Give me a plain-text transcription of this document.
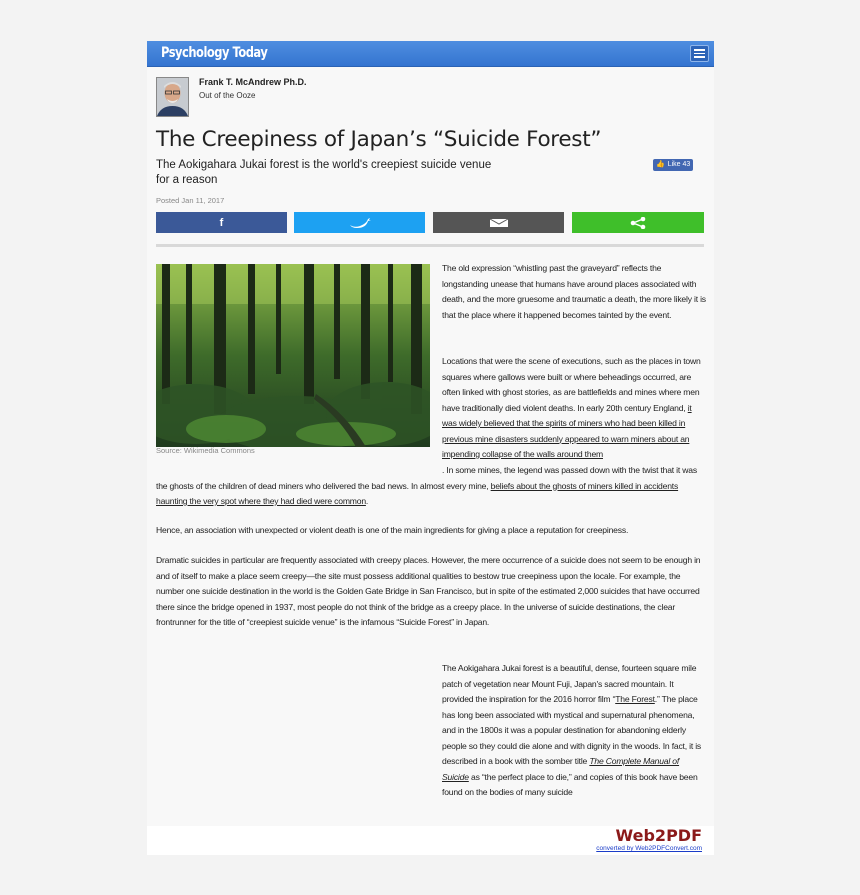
Psychology Today
Frank T. McAndrew Ph.D.
Out of the Ooze
The Creepiness of Japan’s “Suicide Forest”
The Aokigahara Jukai forest is the world's creepiest suicide venue for a reason
👍 Like 43
Posted Jan 11, 2017
f
Source: Wikimedia Commons
The old expression “whistling past the graveyard” reflects the longstanding unease that humans have around places associated with death, and the more gruesome and traumatic a death, the more likely it is that the place where it happened becomes tainted by the event.
Locations that were the scene of executions, such as the places in town squares where gallows were built or where beheadings occurred, are often linked with ghost stories, as are battlefields and mines where men have traditionally died violent deaths. In early 20th century England, it was widely believed that the spirits of miners who had been killed in previous mine disasters suddenly appeared to warn miners about an impending collapse of the walls around them
. In some mines, the legend was passed down with the twist that it was the ghosts of the children of dead miners who delivered the bad news. In almost every mine, beliefs about the ghosts of miners killed in accidents haunting the very spot where they had died were common.
Hence, an association with unexpected or violent death is one of the main ingredients for giving a place a reputation for creepiness.
Dramatic suicides in particular are frequently associated with creepy places. However, the mere occurrence of a suicide does not seem to be enough in and of itself to make a place seem creepy—the site must possess additional qualities to bestow true creepiness upon the locale. For example, the number one suicide destination in the world is the Golden Gate Bridge in San Francisco, but in spite of the estimated 2,000 suicides that have occurred there since the bridge opened in 1937, most people do not think of the bridge as a creepy place. In the universe of suicide destinations, the clear frontrunner for the title of “creepiest suicide venue” is the infamous “Suicide Forest” in Japan.
The Aokigahara Jukai forest is a beautiful, dense, fourteen square mile patch of vegetation near Mount Fuji, Japan's sacred mountain. It provided the inspiration for the 2016 horror film “The Forest.” The place has long been associated with mystical and supernatural phenomena, and in the 1800s it was a popular destination for abandoning elderly people so they could die alone and with dignity in the woods. In fact, it is described in a book with the somber title The Complete Manual of Suicide as “the perfect place to die,” and copies of this book have been found on the bodies of many suicide
Web2PDF
converted by Web2PDFConvert.com
